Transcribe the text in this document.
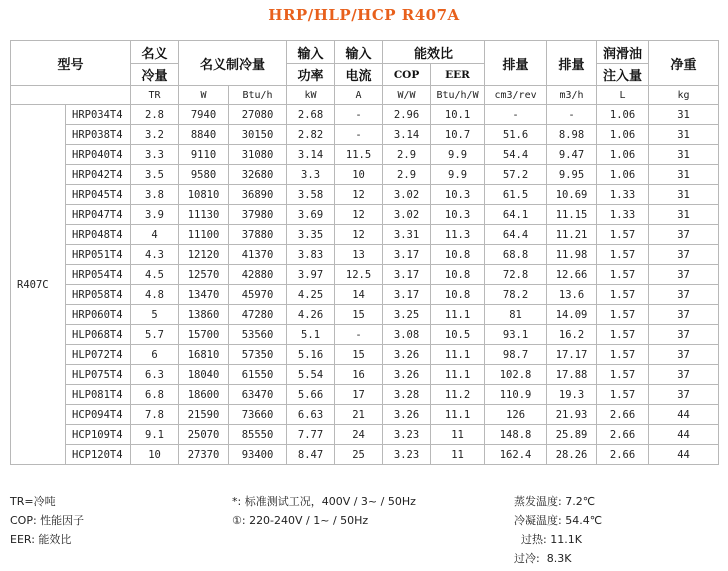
HRP/HLP/HCP R407A
型号		名义	名义制冷量		输入	输入	能效比		排量	排量	润滑油	净重
		冷量			功率	电流	COP	EER			注入量	
		TR	W	Btu/h	kW	A	W/W	Btu/h/W	cm3/rev	m3/h	L	kg
R407C	HRP034T4	2.8	7940	27080	2.68	-	2.96	10.1	-	-	1.06	31
	HRP038T4	3.2	8840	30150	2.82	-	3.14	10.7	51.6	8.98	1.06	31
	HRP040T4	3.3	9110	31080	3.14	11.5	2.9	9.9	54.4	9.47	1.06	31
	HRP042T4	3.5	9580	32680	3.3	10	2.9	9.9	57.2	9.95	1.06	31
	HRP045T4	3.8	10810	36890	3.58	12	3.02	10.3	61.5	10.69	1.33	31
	HRP047T4	3.9	11130	37980	3.69	12	3.02	10.3	64.1	11.15	1.33	31
	HRP048T4	4	11100	37880	3.35	12	3.31	11.3	64.4	11.21	1.57	37
	HRP051T4	4.3	12120	41370	3.83	13	3.17	10.8	68.8	11.98	1.57	37
	HRP054T4	4.5	12570	42880	3.97	12.5	3.17	10.8	72.8	12.66	1.57	37
	HRP058T4	4.8	13470	45970	4.25	14	3.17	10.8	78.2	13.6	1.57	37
	HRP060T4	5	13860	47280	4.26	15	3.25	11.1	81	14.09	1.57	37
	HLP068T4	5.7	15700	53560	5.1	-	3.08	10.5	93.1	16.2	1.57	37
	HLP072T4	6	16810	57350	5.16	15	3.26	11.1	98.7	17.17	1.57	37
	HLP075T4	6.3	18040	61550	5.54	16	3.26	11.1	102.8	17.88	1.57	37
	HLP081T4	6.8	18600	63470	5.66	17	3.28	11.2	110.9	19.3	1.57	37
	HCP094T4	7.8	21590	73660	6.63	21	3.26	11.1	126	21.93	2.66	44
	HCP109T4	9.1	25070	85550	7.77	24	3.23	11	148.8	25.89	2.66	44
	HCP120T4	10	27370	93400	8.47	25	3.23	11	162.4	28.26	2.66	44
TR=冷吨
COP: 性能因子
EER: 能效比
*: 标准测试工况，400V / 3~ / 50Hz
①: 220-240V / 1~ / 50Hz
蒸发温度: 7.2℃
冷凝温度: 54.4℃
过热: 11.1K
过冷:  8.3K
